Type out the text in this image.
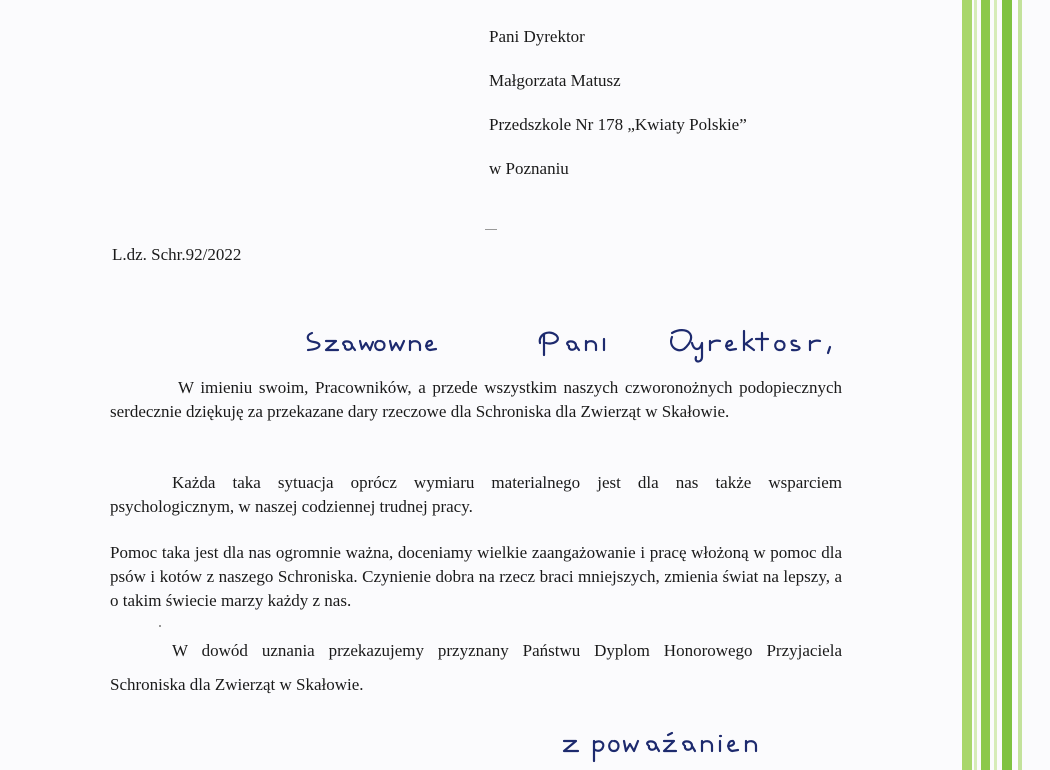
Pani Dyrektor
Małgorzata Matusz
Przedszkole Nr 178 „Kwiaty Polskie”
w Poznaniu
L.dz. Schr.92/2022
W imieniu swoim, Pracowników, a przede wszystkim naszych czworonożnych podopiecznych serdecznie dziękuję za przekazane dary rzeczowe dla Schroniska dla Zwierząt w Skałowie.
Każda taka sytuacja oprócz wymiaru materialnego jest dla nas także wsparciem psychologicznym, w naszej codziennej trudnej pracy.
Pomoc taka jest dla nas ogromnie ważna, doceniamy wielkie zaangażowanie i pracę włożoną w pomoc dla psów i kotów z naszego Schroniska. Czynienie dobra na rzecz braci mniejszych, zmienia świat na lepszy, a o takim świecie marzy każdy z nas.
W dowód uznania przekazujemy przyznany Państwu Dyplom Honorowego Przyjaciela Schroniska dla Zwierząt w Skałowie.
